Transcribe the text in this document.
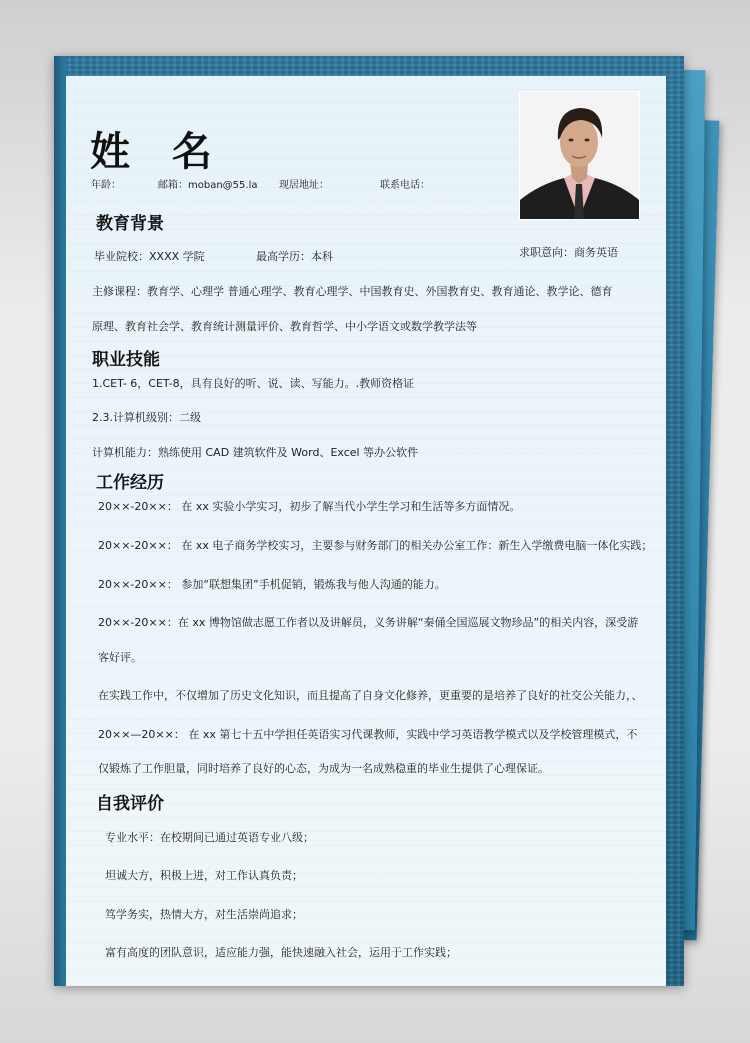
姓 名
年龄：	邮箱：moban@55.la 现居地址：	联系电话：
教育背景
毕业院校：XXXX 学院	最高学历：本科	求职意向：商务英语
主修课程：教育学、心理学 普通心理学、教育心理学、中国教育史、外国教育史、教育通论、教学论、德育
原理、教育社会学、教育统计测量评价、教育哲学、中小学语文或数学教学法等
职业技能
1.CET- 6，CET-8，具有良好的听、说、读、写能力。.教师资格证
2.3.计算机级别：二级
计算机能力：熟练使用 CAD 建筑软件及 Word、Excel 等办公软件
工作经历
20××-20××： 在 xx 实验小学实习，初步了解当代小学生学习和生活等多方面情况。
20××-20××： 在 xx 电子商务学校实习，主要参与财务部门的相关办公室工作：新生入学缴费电脑一体化实践；
20××-20××： 参加“联想集团”手机促销，锻炼我与他人沟通的能力。
20××-20××：在 xx 博物馆做志愿工作者以及讲解员，义务讲解“秦俑全国巡展文物珍品”的相关内容，深受游
客好评。
在实践工作中，不仅增加了历史文化知识，而且提高了自身文化修养，更重要的是培养了良好的社交公关能力，、
20××—20××： 在 xx 第七十五中学担任英语实习代课教师，实践中学习英语教学模式以及学校管理模式，不
仅锻炼了工作胆量，同时培养了良好的心态，为成为一名成熟稳重的毕业生提供了心理保证。
自我评价
专业水平：在校期间已通过英语专业八级；
坦诚大方，积极上进，对工作认真负责；
笃学务实，热情大方，对生活崇尚追求；
富有高度的团队意识，适应能力强，能快速融入社会，运用于工作实践；
